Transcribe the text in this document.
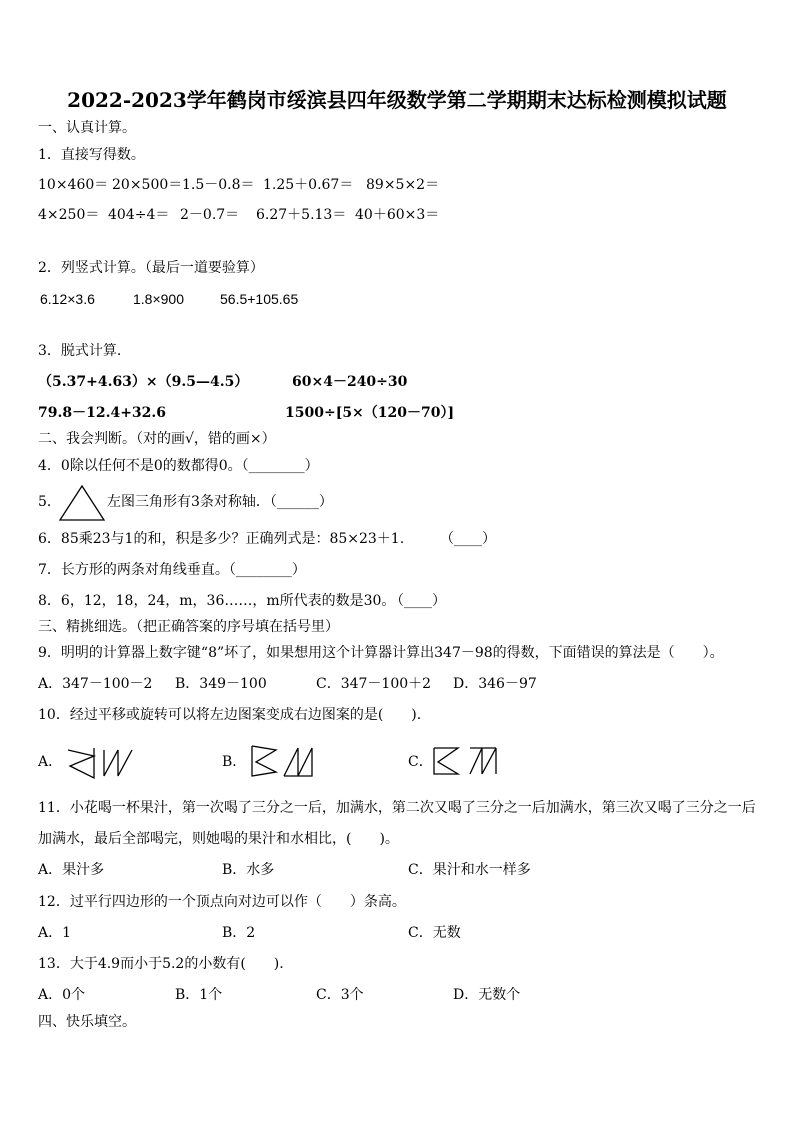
2022-2023学年鹤岗市绥滨县四年级数学第二学期期末达标检测模拟试题
一、认真计算。
1．直接写得数。
10×460＝ 20×500＝ 1.5－0.8＝ 1.25＋0.67＝ 89×5×2＝
4×250＝ 404÷4＝ 2－0.7＝ 6.27＋5.13＝ 40＋60×3＝
2．列竖式计算。（最后一道要验算）
6.12×3.6	1.8×900	56.5+105.65
3．脱式计算.
（5.37+4.63）×（9.5—4.5）	60×4－240÷30
79.8－12.4+32.6	1500÷[5×（120－70）]
二、我会判断。（对的画√，错的画×）
4．0除以任何不是0的数都得0。（________）
5．	左图三角形有3条对称轴．（______）
6．85乘23与1的和，积是多少？正确列式是：85×23＋1.	（____）
7．长方形的两条对角线垂直。（________）
8．6，12，18，24，m，36……，m所代表的数是30。
（____）
三、精挑细选。（把正确答案的序号填在括号里）
9．明明的计算器上数字键“8”坏了，如果想用这个计算器计算出347－98的得数，下面错误的算法是（　　）。
A．347－100－2 B．349－100	C．347－100＋2 D．346－97
10．经过平移或旋转可以将左边图案变成右边图案的是(　　).
A．	B．	C．
11．小花喝一杯果汁，第一次喝了三分之一后，加满水，第二次又喝了三分之一后加满水，第三次又喝了三分之一后
加满水，最后全部喝完，则她喝的果汁和水相比，(　　)。
A．果汁多	B．水多	C．果汁和水一样多
12．过平行四边形的一个顶点向对边可以作（　　）条高。
A．1	B．2	C．无数
13．大于4.9而小于5.2的小数有(　　).
A．0个	B．1个	C．3个	D．无数个
四、快乐填空。
